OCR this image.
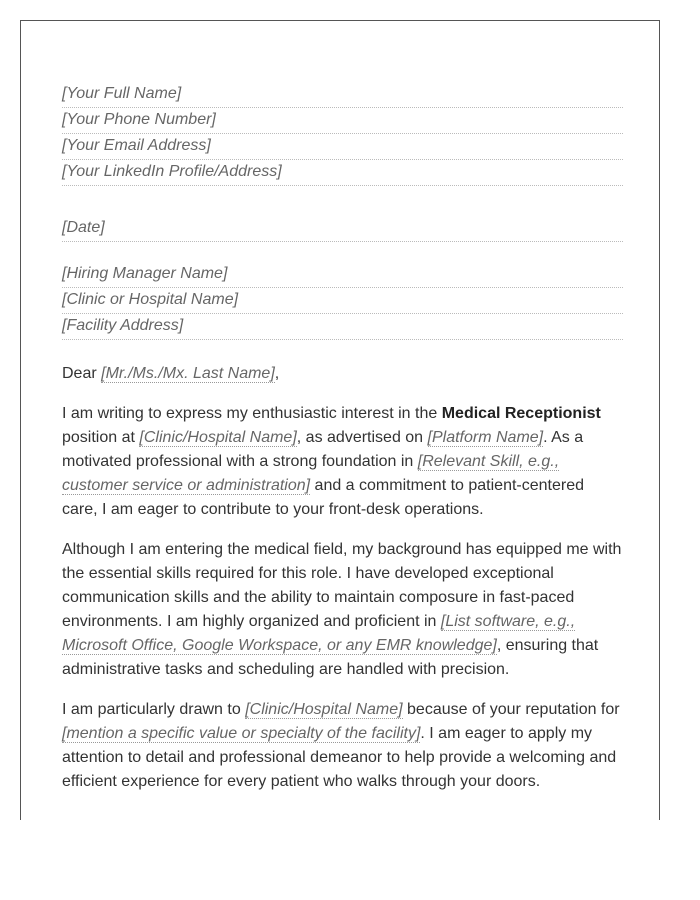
[Your Full Name]
[Your Phone Number]
[Your Email Address]
[Your LinkedIn Profile/Address]
[Date]
[Hiring Manager Name]
[Clinic or Hospital Name]
[Facility Address]
Dear [Mr./Ms./Mx. Last Name],

I am writing to express my enthusiastic interest in the Medical Receptionist position at [Clinic/Hospital Name], as advertised on [Platform Name]. As a motivated professional with a strong foundation in [Relevant Skill, e.g., customer service or administration] and a commitment to patient-centered care, I am eager to contribute to your front-desk operations.

Although I am entering the medical field, my background has equipped me with the essential skills required for this role. I have developed exceptional communication skills and the ability to maintain composure in fast-paced environments. I am highly organized and proficient in [List software, e.g., Microsoft Office, Google Workspace, or any EMR knowledge], ensuring that administrative tasks and scheduling are handled with precision.

I am particularly drawn to [Clinic/Hospital Name] because of your reputation for [mention a specific value or specialty of the facility]. I am eager to apply my attention to detail and professional demeanor to help provide a welcoming and efficient experience for every patient who walks through your doors.
